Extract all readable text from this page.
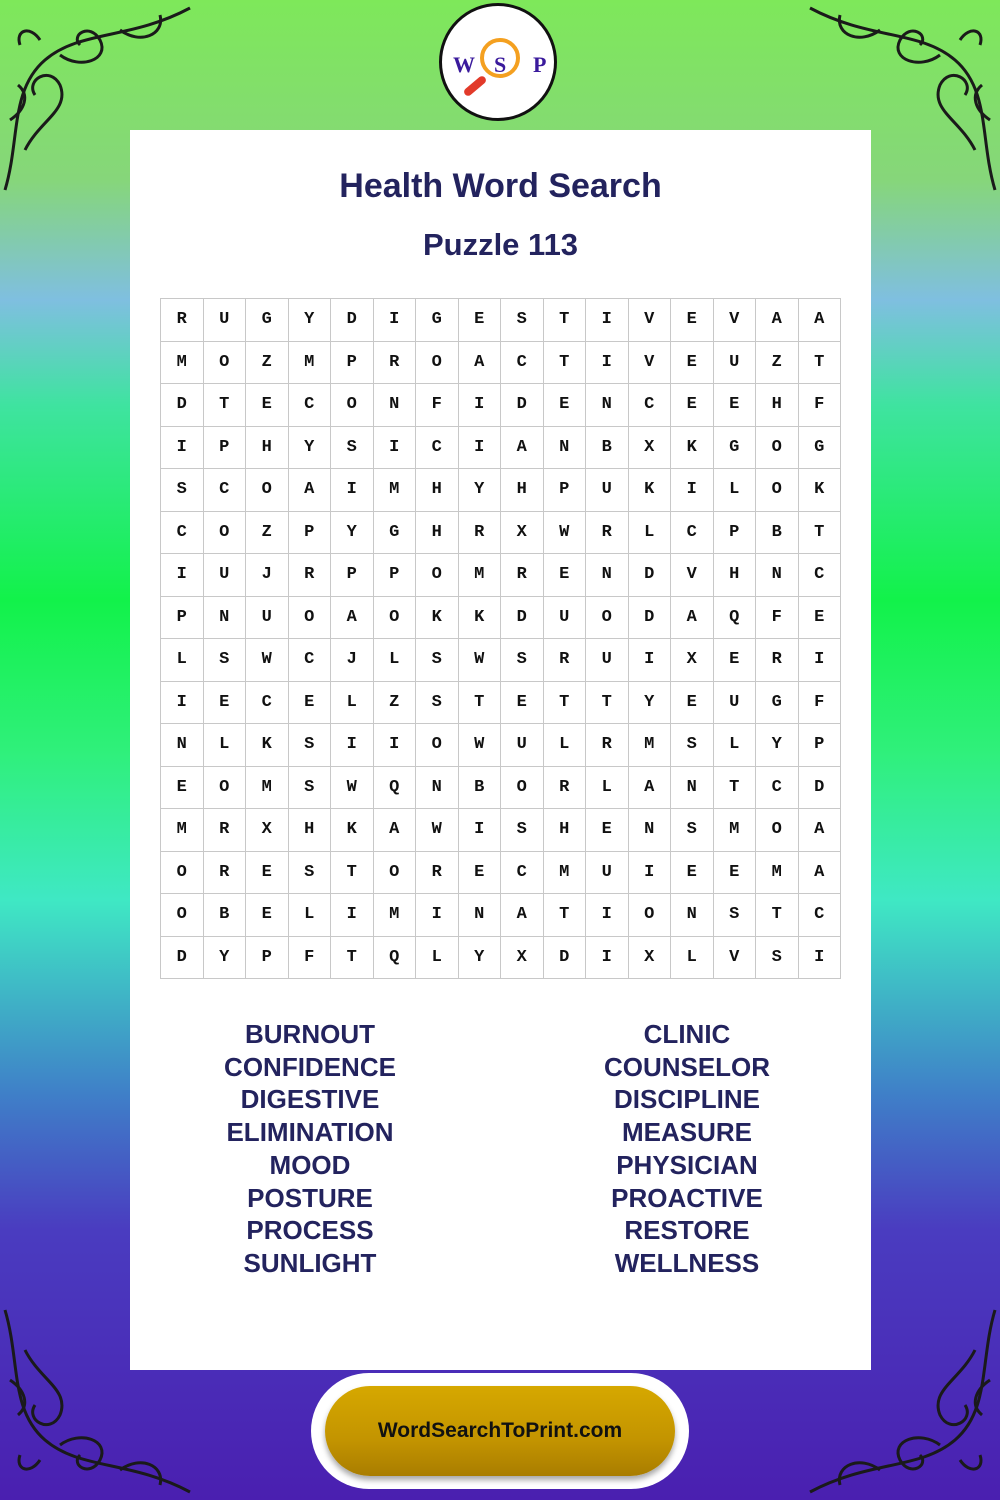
W S P
Health Word Search
Puzzle 113
R	U	G	Y	D	I	G	E	S	T	I	V	E	V	A	A
M	O	Z	M	P	R	O	A	C	T	I	V	E	U	Z	T
D	T	E	C	O	N	F	I	D	E	N	C	E	E	H	F
I	P	H	Y	S	I	C	I	A	N	B	X	K	G	O	G
S	C	O	A	I	M	H	Y	H	P	U	K	I	L	O	K
C	O	Z	P	Y	G	H	R	X	W	R	L	C	P	B	T
I	U	J	R	P	P	O	M	R	E	N	D	V	H	N	C
P	N	U	O	A	O	K	K	D	U	O	D	A	Q	F	E
L	S	W	C	J	L	S	W	S	R	U	I	X	E	R	I
I	E	C	E	L	Z	S	T	E	T	T	Y	E	U	G	F
N	L	K	S	I	I	O	W	U	L	R	M	S	L	Y	P
E	O	M	S	W	Q	N	B	O	R	L	A	N	T	C	D
M	R	X	H	K	A	W	I	S	H	E	N	S	M	O	A
O	R	E	S	T	O	R	E	C	M	U	I	E	E	M	A
O	B	E	L	I	M	I	N	A	T	I	O	N	S	T	C
D	Y	P	F	T	Q	L	Y	X	D	I	X	L	V	S	I
BURNOUT
CONFIDENCE
DIGESTIVE
ELIMINATION
MOOD
POSTURE
PROCESS
SUNLIGHT
CLINIC
COUNSELOR
DISCIPLINE
MEASURE
PHYSICIAN
PROACTIVE
RESTORE
WELLNESS
WordSearchToPrint.com
